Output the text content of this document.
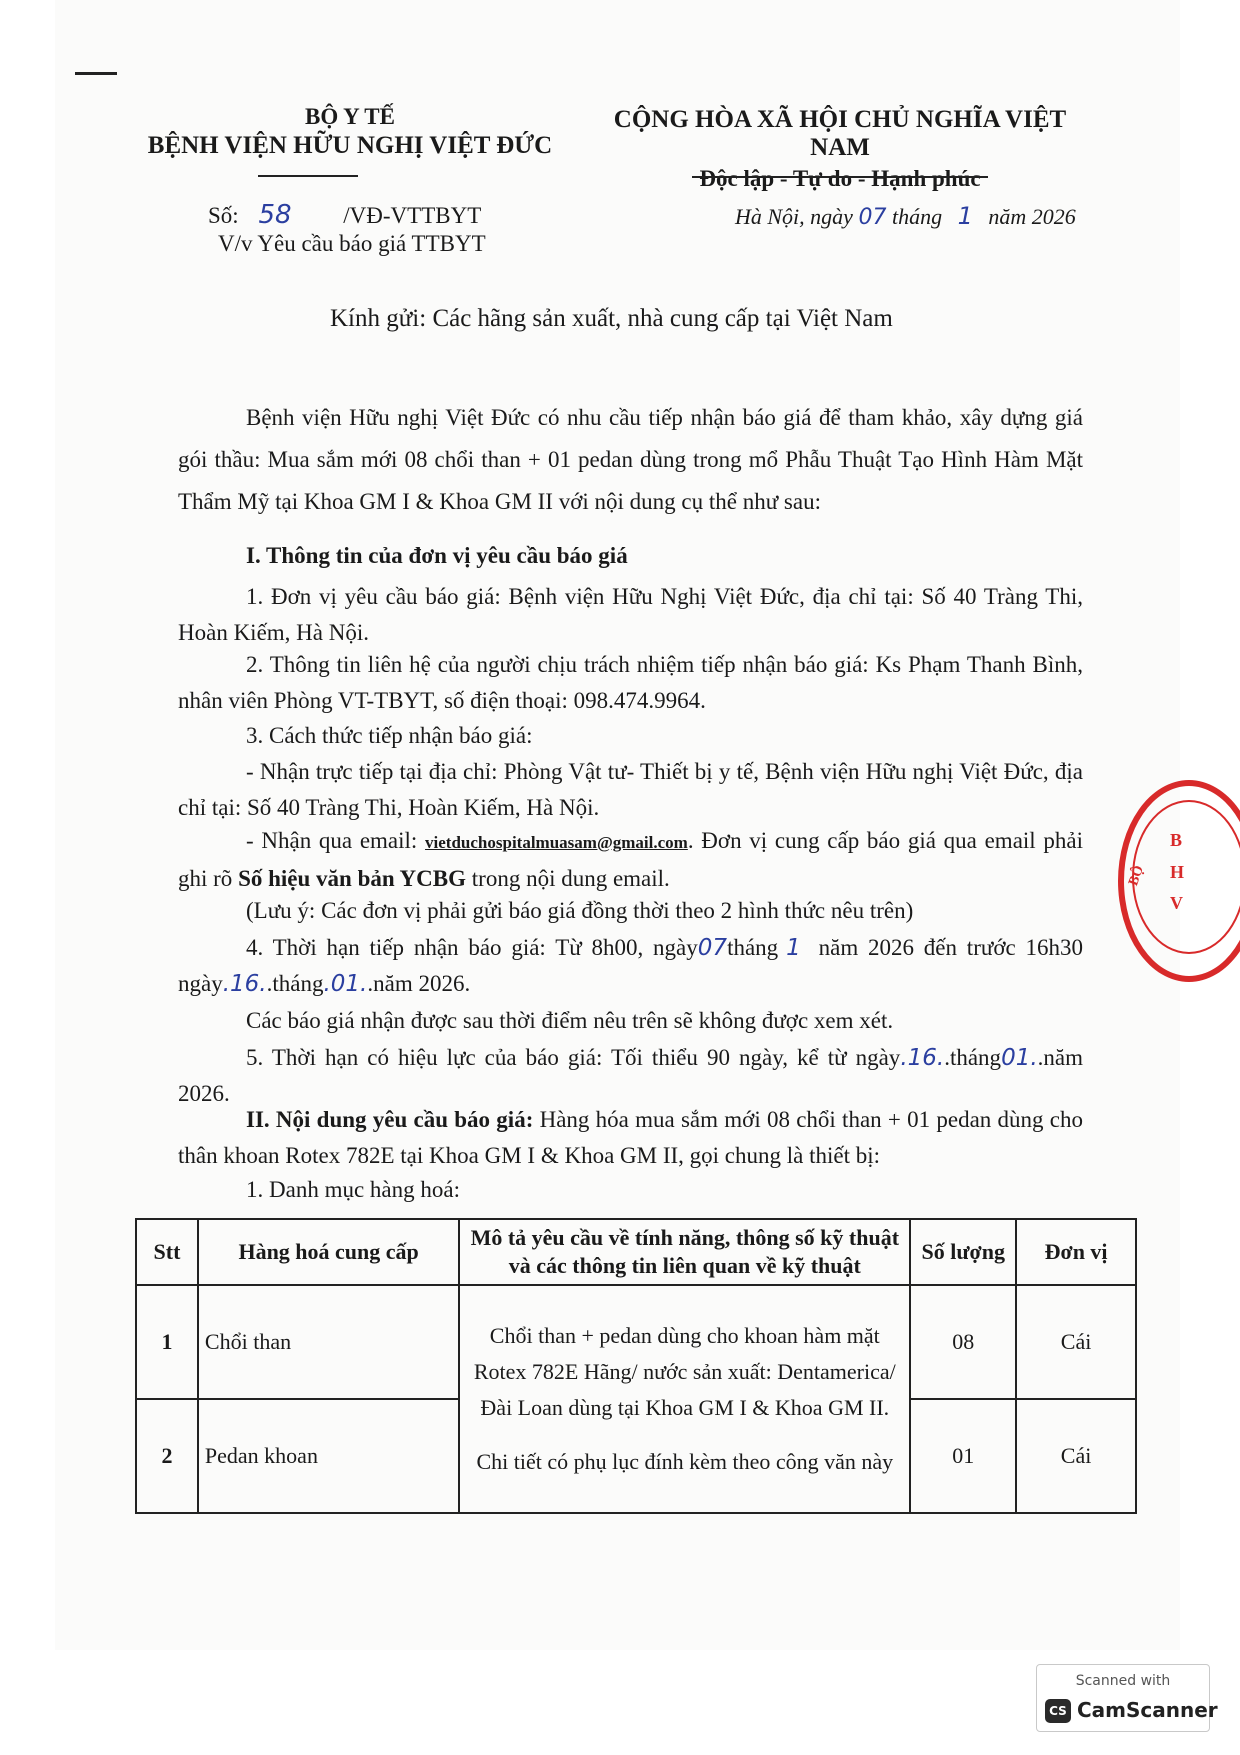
BỘ Y TẾ
BỆNH VIỆN HỮU NGHỊ VIỆT ĐỨC
CỘNG HÒA XÃ HỘI CHỦ NGHĨA VIỆT NAM
Độc lập - Tự do - Hạnh phúc
Số: 58 /VĐ-VTTBYT
V/v Yêu cầu báo giá TTBYT
Hà Nội, ngày 07 tháng 1 năm 2026
Kính gửi: Các hãng sản xuất, nhà cung cấp tại Việt Nam
Bệnh viện Hữu nghị Việt Đức có nhu cầu tiếp nhận báo giá để tham khảo, xây dựng giá gói thầu: Mua sắm mới 08 chổi than + 01 pedan dùng trong mổ Phẫu Thuật Tạo Hình Hàm Mặt Thẩm Mỹ tại Khoa GM I & Khoa GM II với nội dung cụ thể như sau:
I. Thông tin của đơn vị yêu cầu báo giá
1. Đơn vị yêu cầu báo giá: Bệnh viện Hữu Nghị Việt Đức, địa chỉ tại: Số 40 Tràng Thi, Hoàn Kiếm, Hà Nội.
2. Thông tin liên hệ của người chịu trách nhiệm tiếp nhận báo giá: Ks Phạm Thanh Bình, nhân viên Phòng VT-TBYT, số điện thoại: 098.474.9964.
3. Cách thức tiếp nhận báo giá:
- Nhận trực tiếp tại địa chỉ: Phòng Vật tư- Thiết bị y tế, Bệnh viện Hữu nghị Việt Đức, địa chỉ tại: Số 40 Tràng Thi, Hoàn Kiếm, Hà Nội.
- Nhận qua email: vietduchospitalmuasam@gmail.com. Đơn vị cung cấp báo giá qua email phải ghi rõ Số hiệu văn bản YCBG trong nội dung email.
(Lưu ý: Các đơn vị phải gửi báo giá đồng thời theo 2 hình thức nêu trên)
4. Thời hạn tiếp nhận báo giá: Từ 8h00, ngày07tháng 1 năm 2026 đến trước 16h30 ngày.16..tháng.01..năm 2026.
Các báo giá nhận được sau thời điểm nêu trên sẽ không được xem xét.
5. Thời hạn có hiệu lực của báo giá: Tối thiểu 90 ngày, kể từ ngày.16..tháng01..năm 2026.
II. Nội dung yêu cầu báo giá: Hàng hóa mua sắm mới 08 chổi than + 01 pedan dùng cho thân khoan Rotex 782E tại Khoa GM I & Khoa GM II, gọi chung là thiết bị:
1. Danh mục hàng hoá:
Stt	Hàng hoá cung cấp	Mô tả yêu cầu về tính năng, thông số kỹ thuật và các thông tin liên quan về kỹ thuật	Số lượng	Đơn vị
1	Chổi than	Chổi than + pedan dùng cho khoan hàm mặt Rotex 782E Hãng/ nước sản xuất: Dentamerica/ Đài Loan dùng tại Khoa GM I & Khoa GM II.
Chi tiết có phụ lục đính kèm theo công văn này	08	Cái
2	Pedan khoan		01	Cái
B
H
V
BỘ
Scanned with
CS CamScanner
